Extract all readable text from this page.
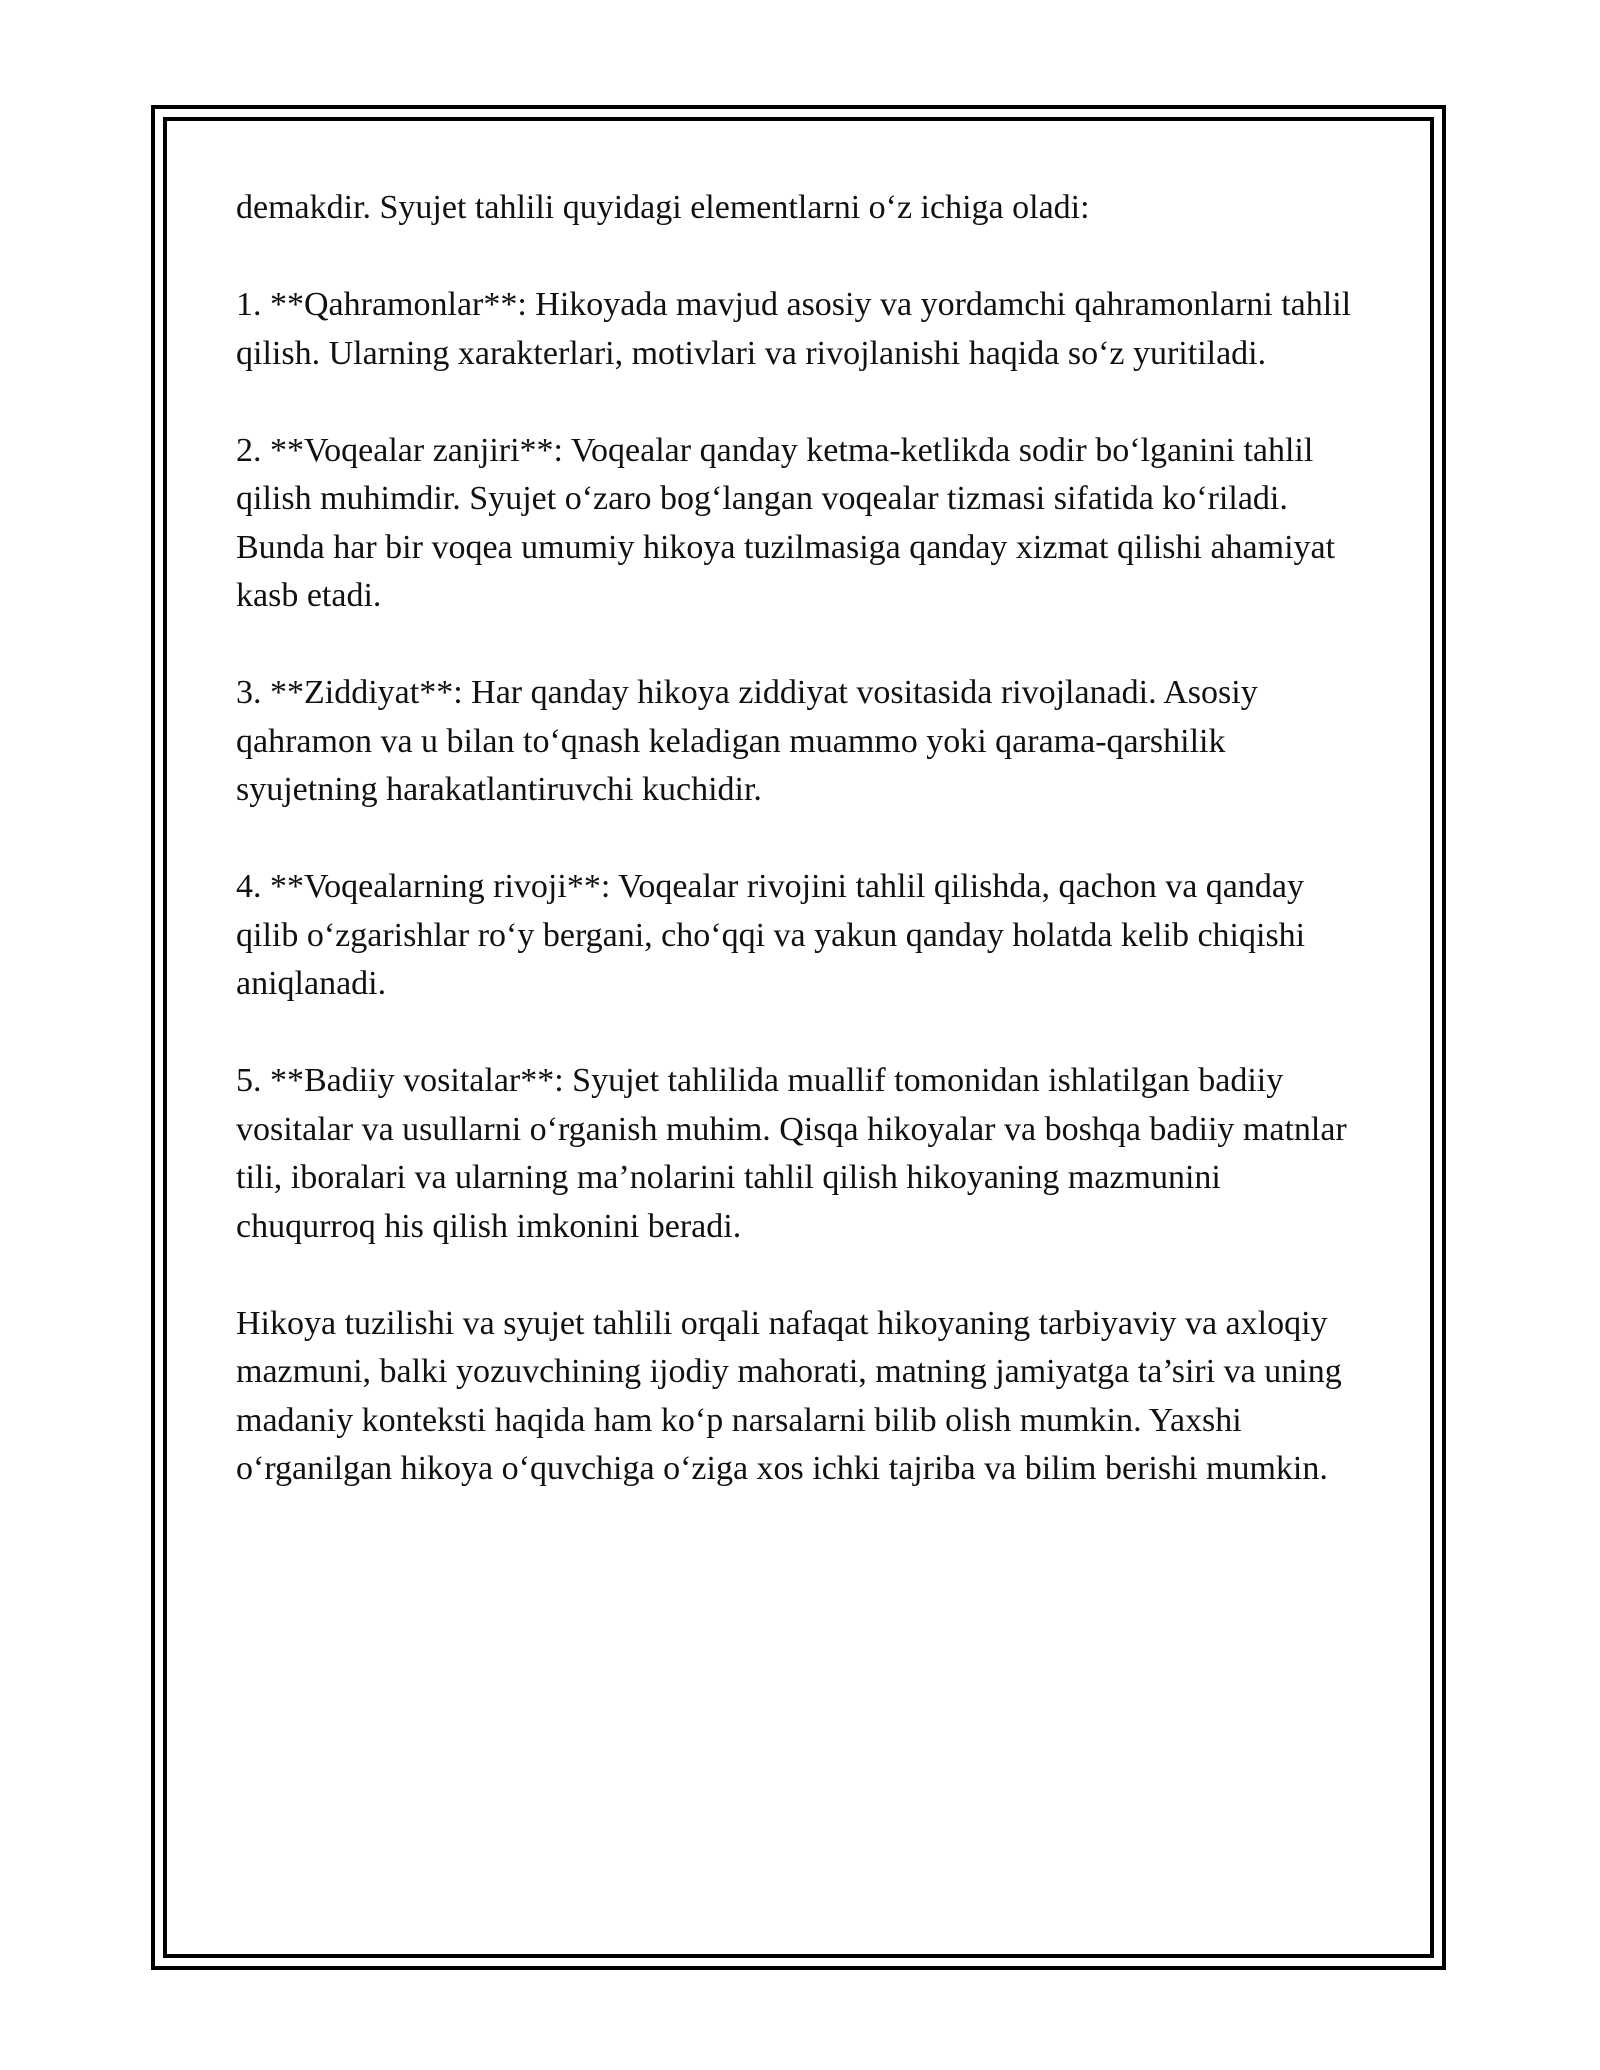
demakdir. Syujet tahlili quyidagi elementlarni o‘z ichiga oladi:

1. **Qahramonlar**: Hikoyada mavjud asosiy va yordamchi qahramonlarni tahlil qilish. Ularning xarakterlari, motivlari va rivojlanishi haqida so‘z yuritiladi.

2. **Voqealar zanjiri**: Voqealar qanday ketma-ketlikda sodir bo‘lganini tahlil qilish muhimdir. Syujet o‘zaro bog‘langan voqealar tizmasi sifatida ko‘riladi. Bunda har bir voqea umumiy hikoya tuzilmasiga qanday xizmat qilishi ahamiyat kasb etadi.

3. **Ziddiyat**: Har qanday hikoya ziddiyat vositasida rivojlanadi. Asosiy qahramon va u bilan to‘qnash keladigan muammo yoki qarama-qarshilik syujetning harakatlantiruvchi kuchidir.

4. **Voqealarning rivoji**: Voqealar rivojini tahlil qilishda, qachon va qanday qilib o‘zgarishlar ro‘y bergani, cho‘qqi va yakun qanday holatda kelib chiqishi aniqlanadi.

5. **Badiiy vositalar**: Syujet tahlilida muallif tomonidan ishlatilgan badiiy vositalar va usullarni o‘rganish muhim. Qisqa hikoyalar va boshqa badiiy matnlar tili, iboralari va ularning ma’nolarini tahlil qilish hikoyaning mazmunini chuqurroq his qilish imkonini beradi.

Hikoya tuzilishi va syujet tahlili orqali nafaqat hikoyaning tarbiyaviy va axloqiy mazmuni, balki yozuvchining ijodiy mahorati, matning jamiyatga ta’siri va uning madaniy konteksti haqida ham ko‘p narsalarni bilib olish mumkin. Yaxshi o‘rganilgan hikoya o‘quvchiga o‘ziga xos ichki tajriba va bilim berishi mumkin.
